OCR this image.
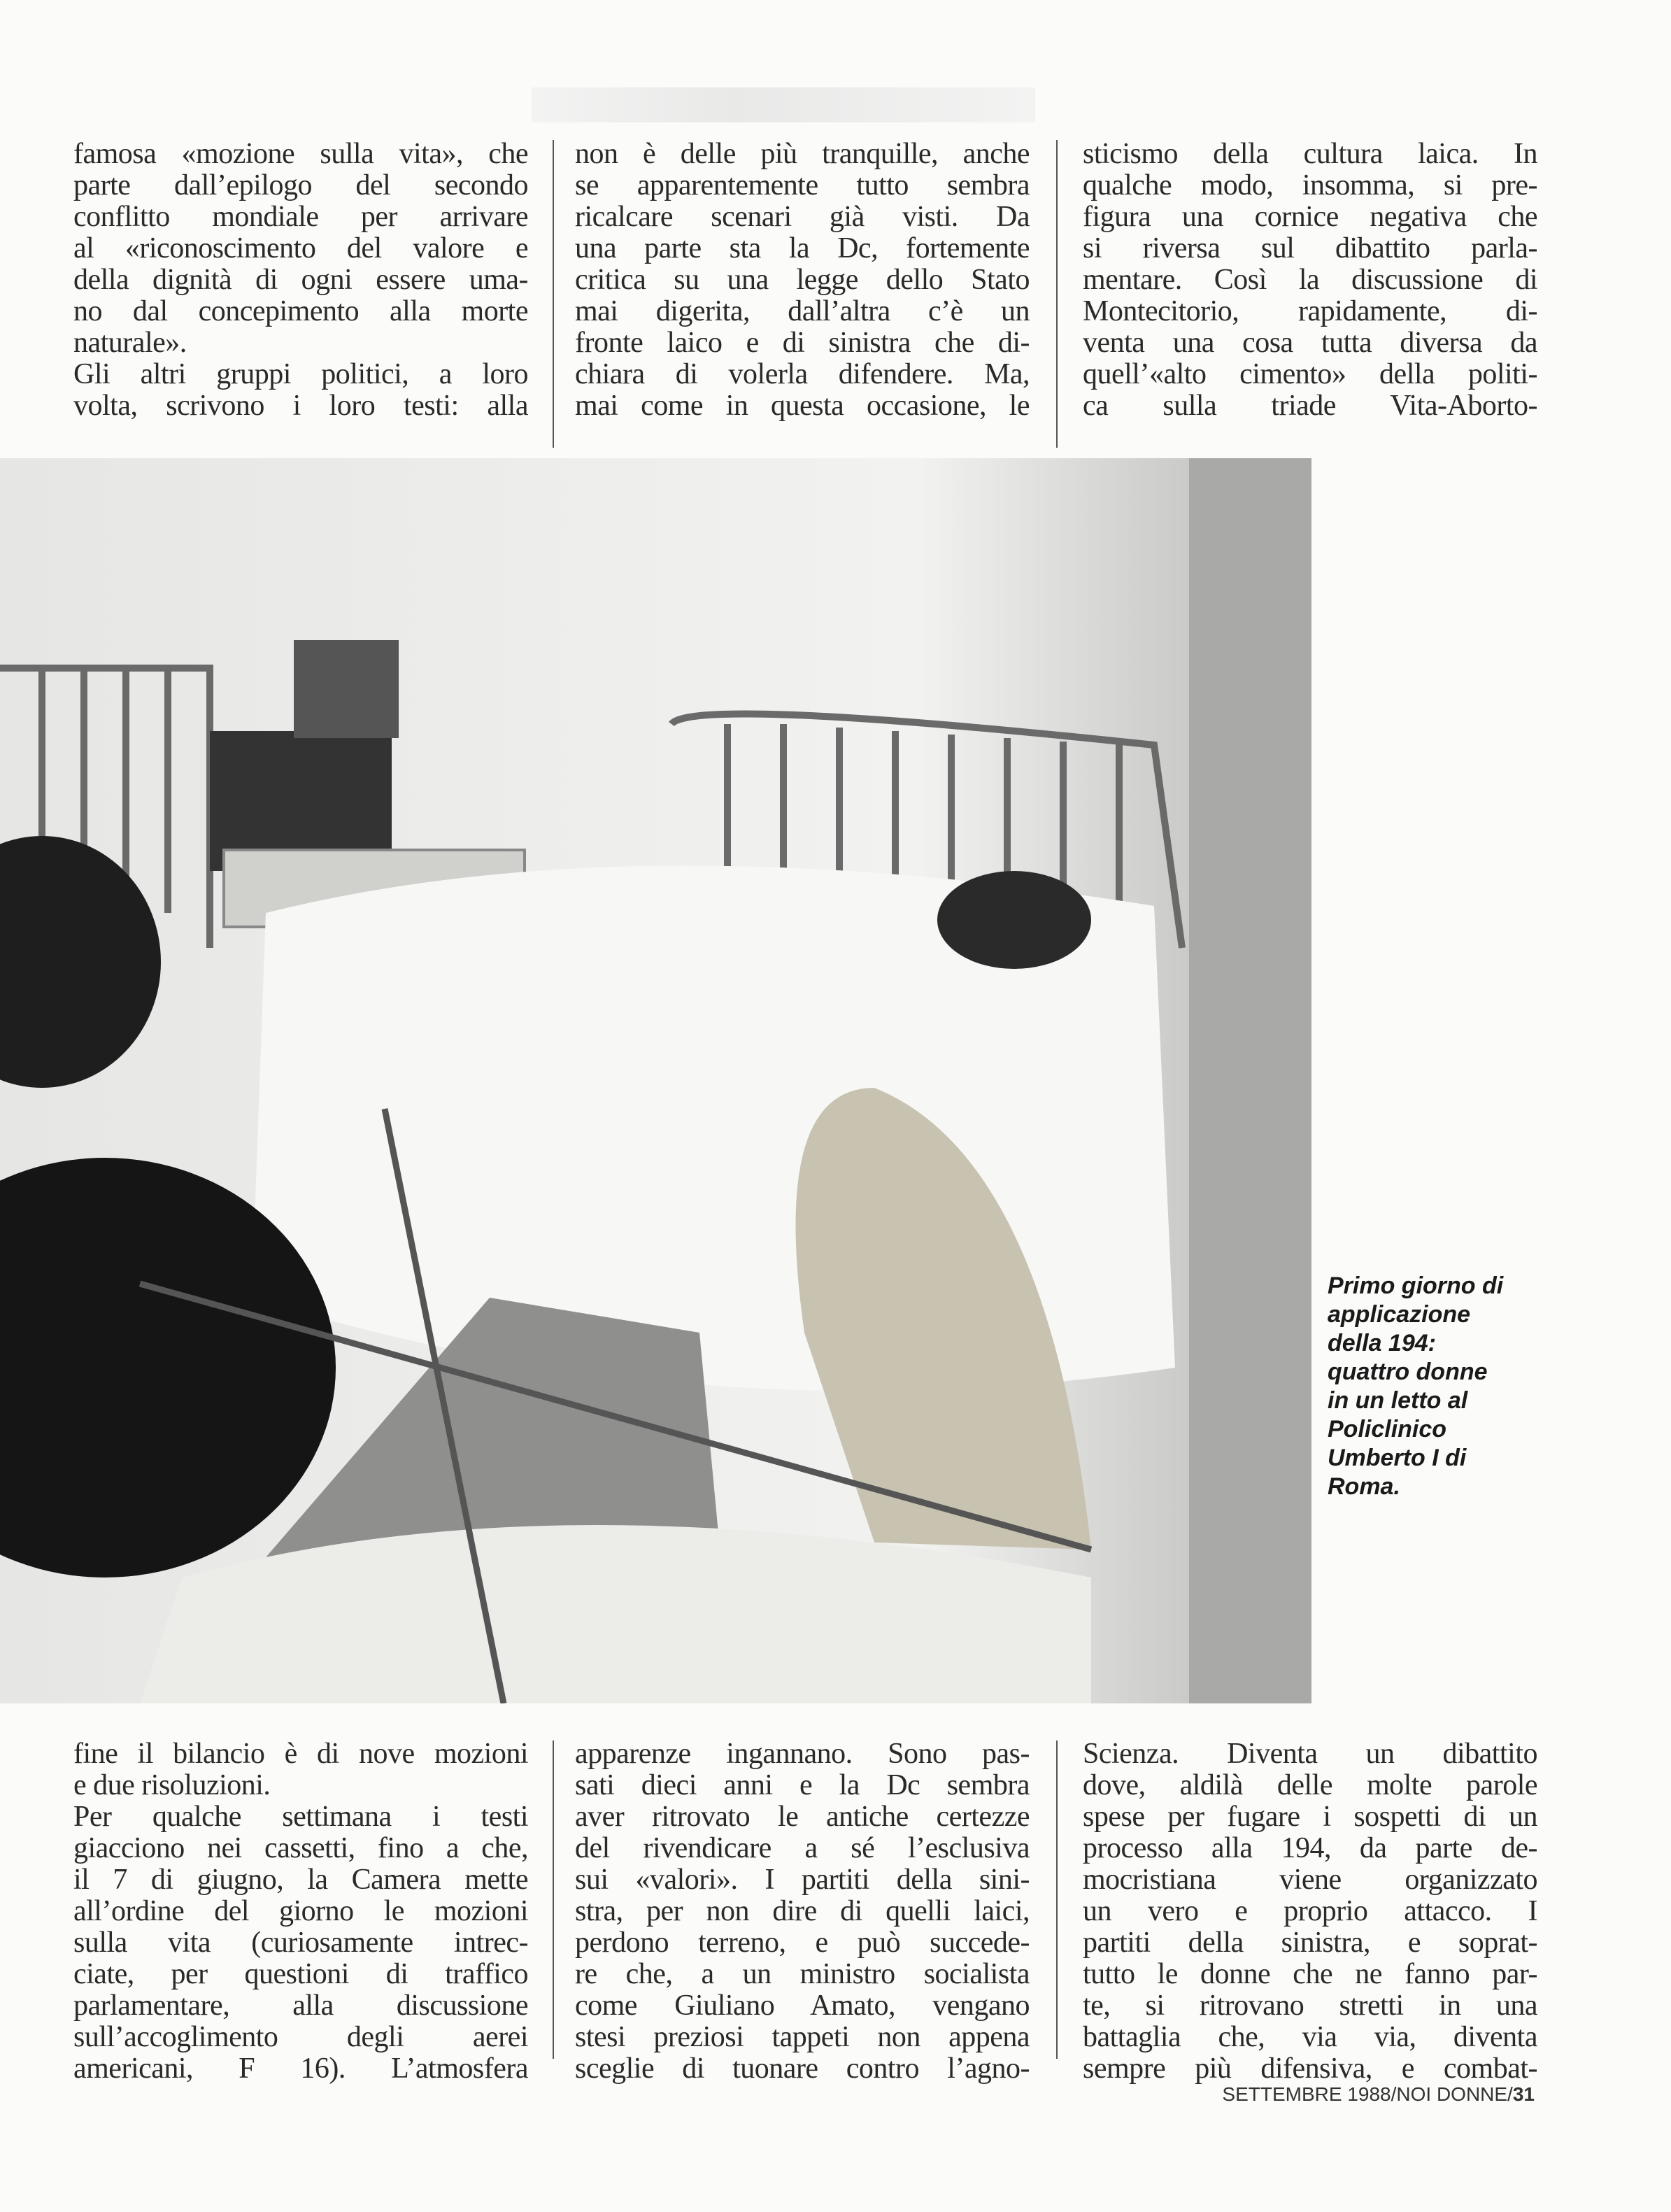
famosa «mozione sulla vita», che
parte dall’epilogo del secondo
conflitto mondiale per arrivare
al «riconoscimento del valore e
della dignità di ogni essere uma-
no dal concepimento alla morte
naturale».
Gli altri gruppi politici, a loro
volta, scrivono i loro testi: alla
non è delle più tranquille, anche
se apparentemente tutto sembra
ricalcare scenari già visti. Da
una parte sta la Dc, fortemente
critica su una legge dello Stato
mai digerita, dall’altra c’è un
fronte laico e di sinistra che di-
chiara di volerla difendere. Ma,
mai come in questa occasione, le
sticismo della cultura laica. In
qualche modo, insomma, si pre-
figura una cornice negativa che
si riversa sul dibattito parla-
mentare. Così la discussione di
Montecitorio, rapidamente, di-
venta una cosa tutta diversa da
quell’«alto cimento» della politi-
ca sulla triade Vita-Aborto-
Primo giorno di
applicazione
della 194:
quattro donne
in un letto al
Policlinico
Umberto I di
Roma.
fine il bilancio è di nove mozioni
e due risoluzioni.
Per qualche settimana i testi
giacciono nei cassetti, fino a che,
il 7 di giugno, la Camera mette
all’ordine del giorno le mozioni
sulla vita (curiosamente intrec-
ciate, per questioni di traffico
parlamentare, alla discussione
sull’accoglimento degli aerei
americani, F 16). L’atmosfera
apparenze ingannano. Sono pas-
sati dieci anni e la Dc sembra
aver ritrovato le antiche certezze
del rivendicare a sé l’esclusiva
sui «valori». I partiti della sini-
stra, per non dire di quelli laici,
perdono terreno, e può succede-
re che, a un ministro socialista
come Giuliano Amato, vengano
stesi preziosi tappeti non appena
sceglie di tuonare contro l’agno-
Scienza. Diventa un dibattito
dove, aldilà delle molte parole
spese per fugare i sospetti di un
processo alla 194, da parte de-
mocristiana viene organizzato
un vero e proprio attacco. I
partiti della sinistra, e soprat-
tutto le donne che ne fanno par-
te, si ritrovano stretti in una
battaglia che, via via, diventa
sempre più difensiva, e combat-
SETTEMBRE 1988/NOI DONNE/31
